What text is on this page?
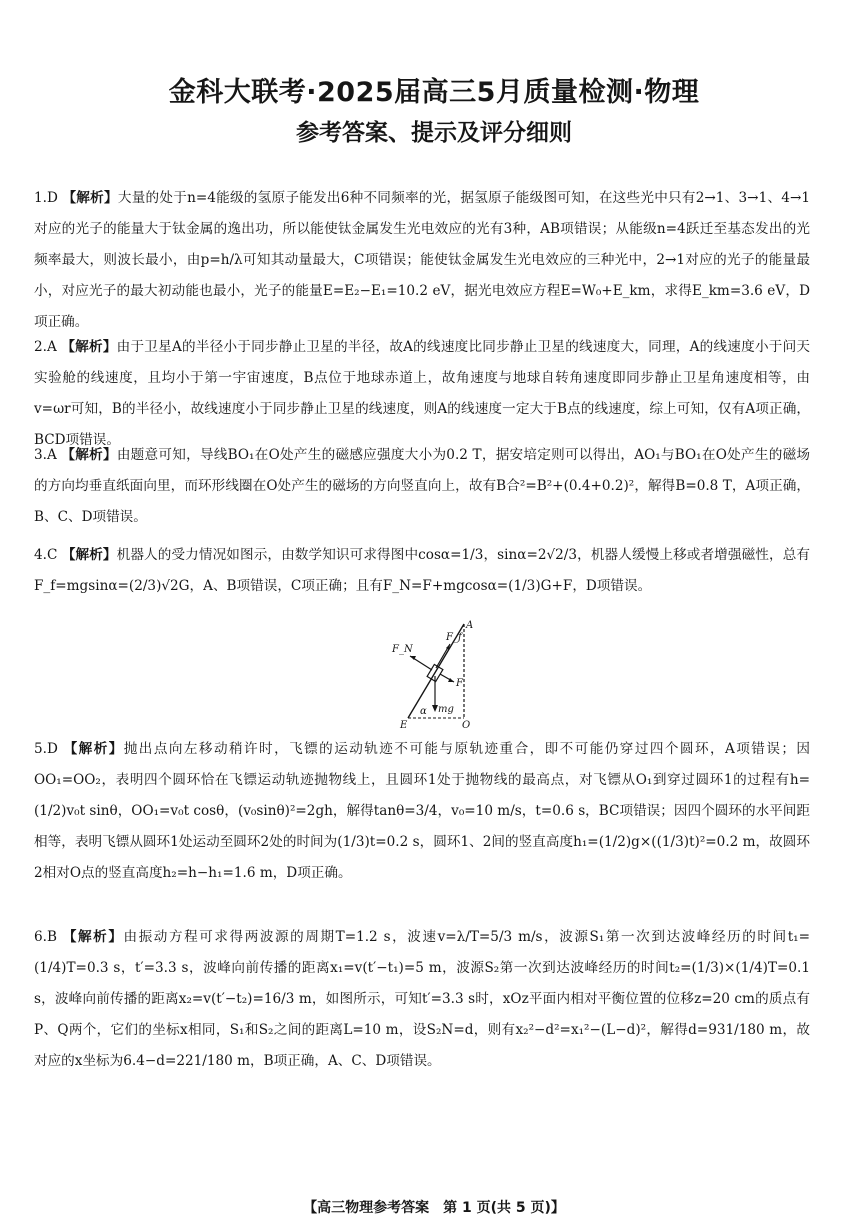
金科大联考·2025届高三5月质量检测·物理
参考答案、提示及评分细则
1.D 【解析】大量的处于n=4能级的氢原子能发出6种不同频率的光，据氢原子能级图可知，在这些光中只有2→1、3→1、4→1对应的光子的能量大于钛金属的逸出功，所以能使钛金属发生光电效应的光有3种，AB项错误；从能级n=4跃迁至基态发出的光频率最大，则波长最小，由p=h/λ可知其动量最大，C项错误；能使钛金属发生光电效应的三种光中，2→1对应的光子的能量最小，对应光子的最大初动能也最小，光子的能量E=E₂−E₁=10.2 eV，据光电效应方程E=W₀+E_km，求得E_km=3.6 eV，D项正确。
2.A 【解析】由于卫星A的半径小于同步静止卫星的半径，故A的线速度比同步静止卫星的线速度大，同理，A的线速度小于问天实验舱的线速度，且均小于第一宇宙速度，B点位于地球赤道上，故角速度与地球自转角速度即同步静止卫星角速度相等，由v=ωr可知，B的半径小，故线速度小于同步静止卫星的线速度，则A的线速度一定大于B点的线速度，综上可知，仅有A项正确，BCD项错误。
3.A 【解析】由题意可知，导线BO₁在O处产生的磁感应强度大小为0.2 T，据安培定则可以得出，AO₁与BO₁在O处产生的磁场的方向均垂直纸面向里，而环形线圈在O处产生的磁场的方向竖直向上，故有B合²=B²+(0.4+0.2)²，解得B=0.8 T，A项正确，B、C、D项错误。
4.C 【解析】机器人的受力情况如图示，由数学知识可求得图中cosα=1/3，sinα=2√2/3，机器人缓慢上移或者增强磁性，总有F_f=mgsinα=(2/3)√2G，A、B项错误，C项正确；且有F_N=F+mgcosα=(1/3)G+F，D项错误。
A
F_f
F_N
F
mg
α
E	O
5.D 【解析】抛出点向左移动稍许时，飞镖的运动轨迹不可能与原轨迹重合，即不可能仍穿过四个圆环，A项错误；因OO₁=OO₂，表明四个圆环恰在飞镖运动轨迹抛物线上，且圆环1处于抛物线的最高点，对飞镖从O₁到穿过圆环1的过程有h=(1/2)v₀t sinθ，OO₁=v₀t cosθ，(v₀sinθ)²=2gh，解得tanθ=3/4，v₀=10 m/s，t=0.6 s，BC项错误；因四个圆环的水平间距相等，表明飞镖从圆环1处运动至圆环2处的时间为(1/3)t=0.2 s，圆环1、2间的竖直高度h₁=(1/2)g×((1/3)t)²=0.2 m，故圆环2相对O点的竖直高度h₂=h−h₁=1.6 m，D项正确。
6.B 【解析】由振动方程可求得两波源的周期T=1.2 s，波速v=λ/T=5/3 m/s，波源S₁第一次到达波峰经历的时间t₁=(1/4)T=0.3 s，t′=3.3 s，波峰向前传播的距离x₁=v(t′−t₁)=5 m，波源S₂第一次到达波峰经历的时间t₂=(1/3)×(1/4)T=0.1 s，波峰向前传播的距离x₂=v(t′−t₂)=16/3 m，如图所示，可知t′=3.3 s时，xOz平面内相对平衡位置的位移z=20 cm的质点有P、Q两个，它们的坐标x相同，S₁和S₂之间的距离L=10 m，设S₂N=d，则有x₂²−d²=x₁²−(L−d)²，解得d=931/180 m，故对应的x坐标为6.4−d=221/180 m，B项正确，A、C、D项错误。
【高三物理参考答案　第 1 页(共 5 页)】
